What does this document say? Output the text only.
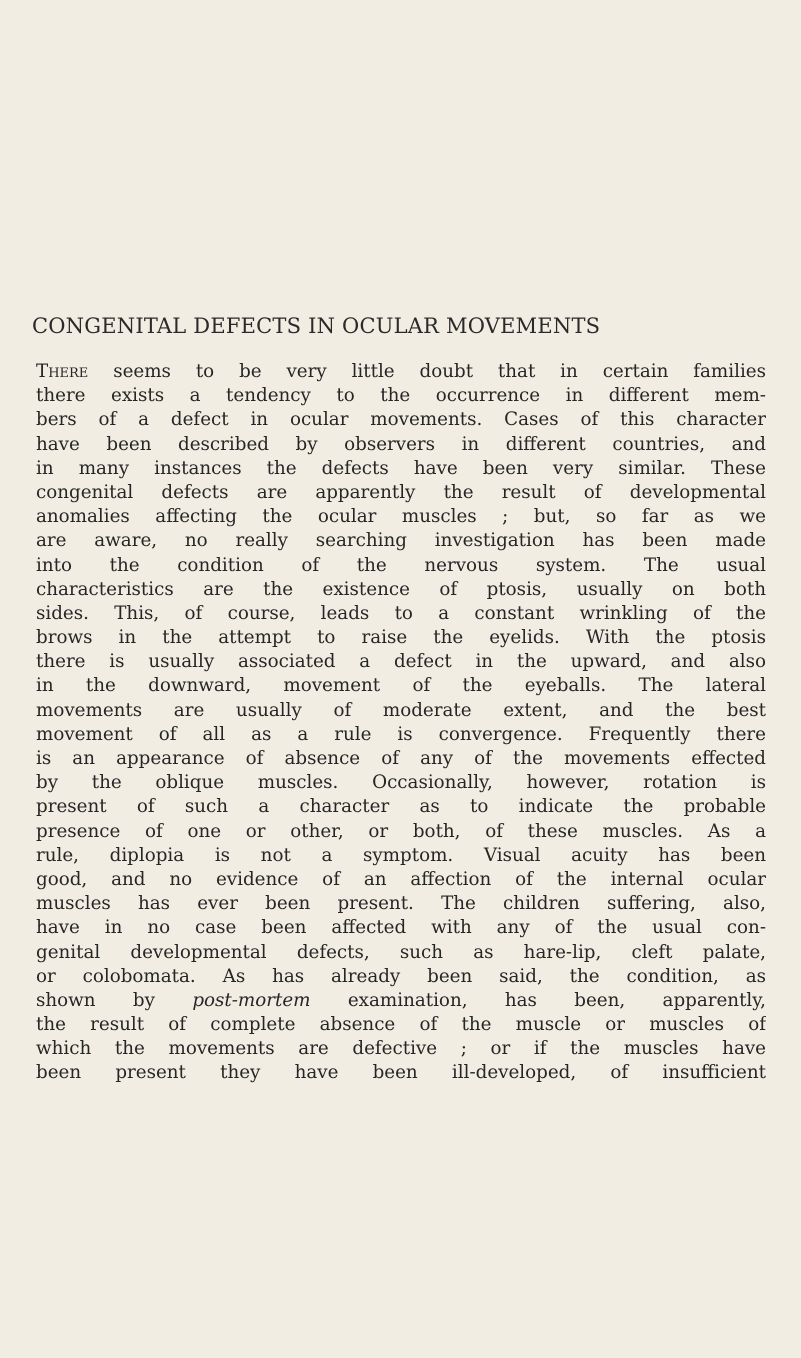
CONGENITAL DEFECTS IN OCULAR MOVEMENTS
There seems to be very little doubt that in certain families
there exists a tendency to the occurrence in different mem-
bers of a defect in ocular movements. Cases of this character
have been described by observers in different countries, and
in many instances the defects have been very similar. These
congenital defects are apparently the result of developmental
anomalies affecting the ocular muscles ; but, so far as we
are aware, no really searching investigation has been made
into the condition of the nervous system. The usual
characteristics are the existence of ptosis, usually on both
sides. This, of course, leads to a constant wrinkling of the
brows in the attempt to raise the eyelids. With the ptosis
there is usually associated a defect in the upward, and also
in the downward, movement of the eyeballs. The lateral
movements are usually of moderate extent, and the best
movement of all as a rule is convergence. Frequently there
is an appearance of absence of any of the movements effected
by the oblique muscles. Occasionally, however, rotation is
present of such a character as to indicate the probable
presence of one or other, or both, of these muscles. As a
rule, diplopia is not a symptom. Visual acuity has been
good, and no evidence of an affection of the internal ocular
muscles has ever been present. The children suffering, also,
have in no case been affected with any of the usual con-
genital developmental defects, such as hare-lip, cleft palate,
or colobomata. As has already been said, the condition, as
shown by post-mortem examination, has been, apparently,
the result of complete absence of the muscle or muscles of
which the movements are defective ; or if the muscles have
been present they have been ill-developed, of insufficient
